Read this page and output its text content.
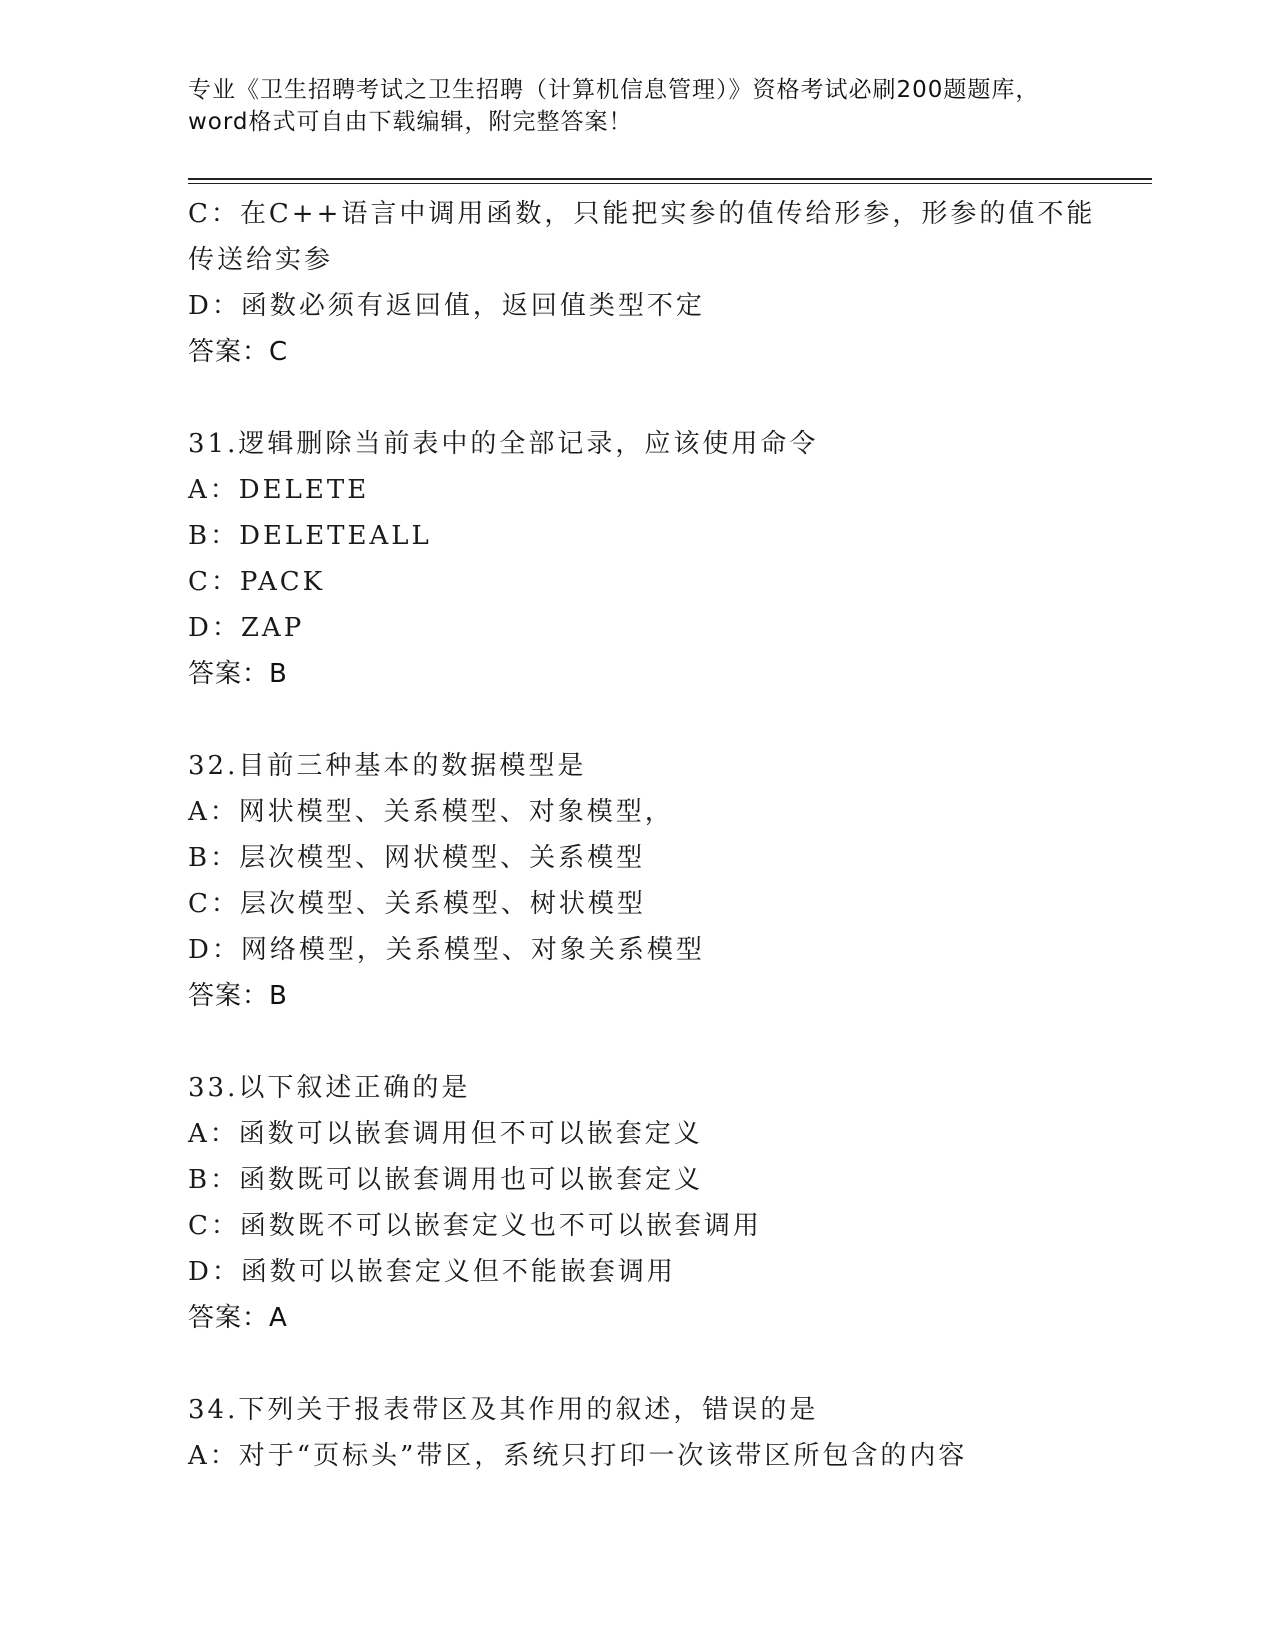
专业《卫生招聘考试之卫生招聘（计算机信息管理）》资格考试必刷200题题库，
word格式可自由下载编辑，附完整答案！
C：在C++语言中调用函数，只能把实参的值传给形参，形参的值不能
传送给实参
D：函数必须有返回值，返回值类型不定
答案：C
31.逻辑删除当前表中的全部记录，应该使用命令
A：DELETE
B：DELETEALL
C：PACK
D：ZAP
答案：B
32.目前三种基本的数据模型是
A：网状模型、关系模型、对象模型，
B：层次模型、网状模型、关系模型
C：层次模型、关系模型、树状模型
D：网络模型，关系模型、对象关系模型
答案：B
33.以下叙述正确的是
A：函数可以嵌套调用但不可以嵌套定义
B：函数既可以嵌套调用也可以嵌套定义
C：函数既不可以嵌套定义也不可以嵌套调用
D：函数可以嵌套定义但不能嵌套调用
答案：A
34.下列关于报表带区及其作用的叙述，错误的是
A：对于“页标头”带区，系统只打印一次该带区所包含的内容
